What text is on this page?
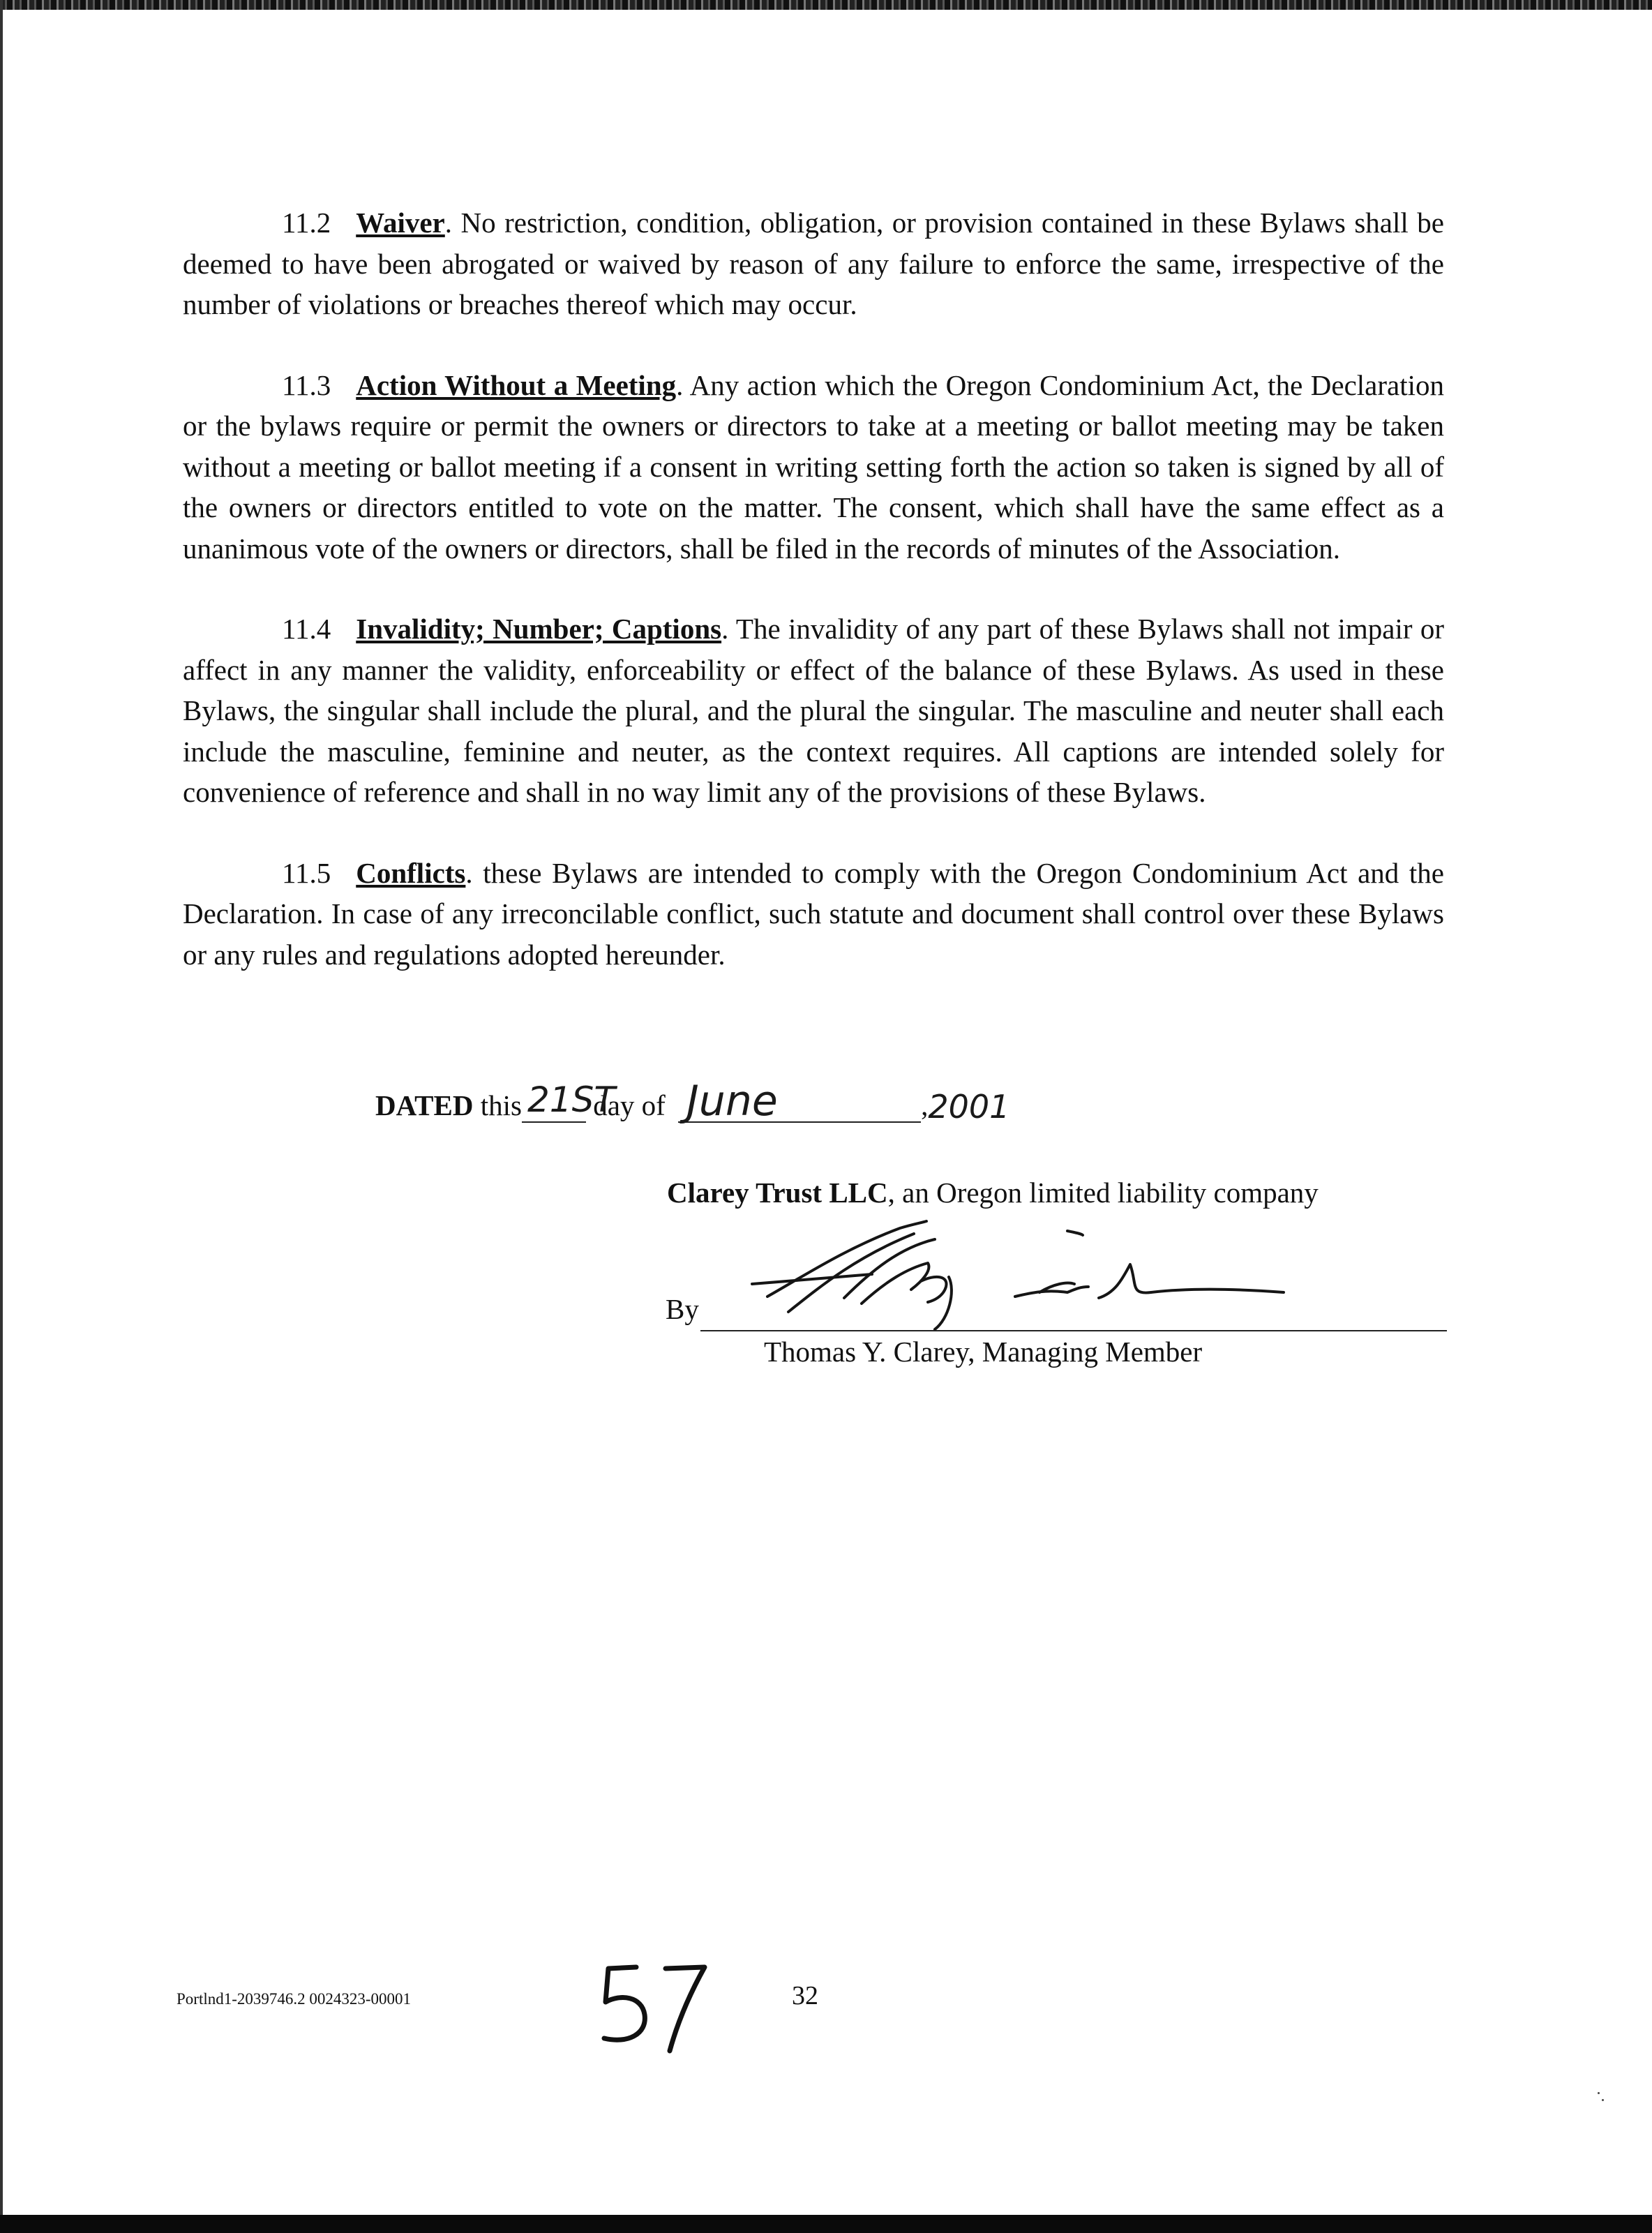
11.2 Waiver. No restriction, condition, obligation, or provision contained in these Bylaws shall be deemed to have been abrogated or waived by reason of any failure to enforce the same, irrespective of the number of violations or breaches thereof which may occur.

11.3 Action Without a Meeting. Any action which the Oregon Condominium Act, the Declaration or the bylaws require or permit the owners or directors to take at a meeting or ballot meeting may be taken without a meeting or ballot meeting if a consent in writing setting forth the action so taken is signed by all of the owners or directors entitled to vote on the matter. The consent, which shall have the same effect as a unanimous vote of the owners or directors, shall be filed in the records of minutes of the Association.

11.4 Invalidity; Number; Captions. The invalidity of any part of these Bylaws shall not impair or affect in any manner the validity, enforceability or effect of the balance of these Bylaws. As used in these Bylaws, the singular shall include the plural, and the plural the singular. The masculine and neuter shall each include the masculine, feminine and neuter, as the context requires. All captions are intended solely for convenience of reference and shall in no way limit any of the provisions of these Bylaws.

11.5 Conflicts. these Bylaws are intended to comply with the Oregon Condominium Act and the Declaration. In case of any irreconcilable conflict, such statute and document shall control over these Bylaws or any rules and regulations adopted hereunder.

DATED this 21ST
day of June	,2001
Clarey Trust LLC, an Oregon limited liability company
By
Thomas Y. Clarey, Managing Member
Portlnd1-2039746.2 0024323-00001	32
